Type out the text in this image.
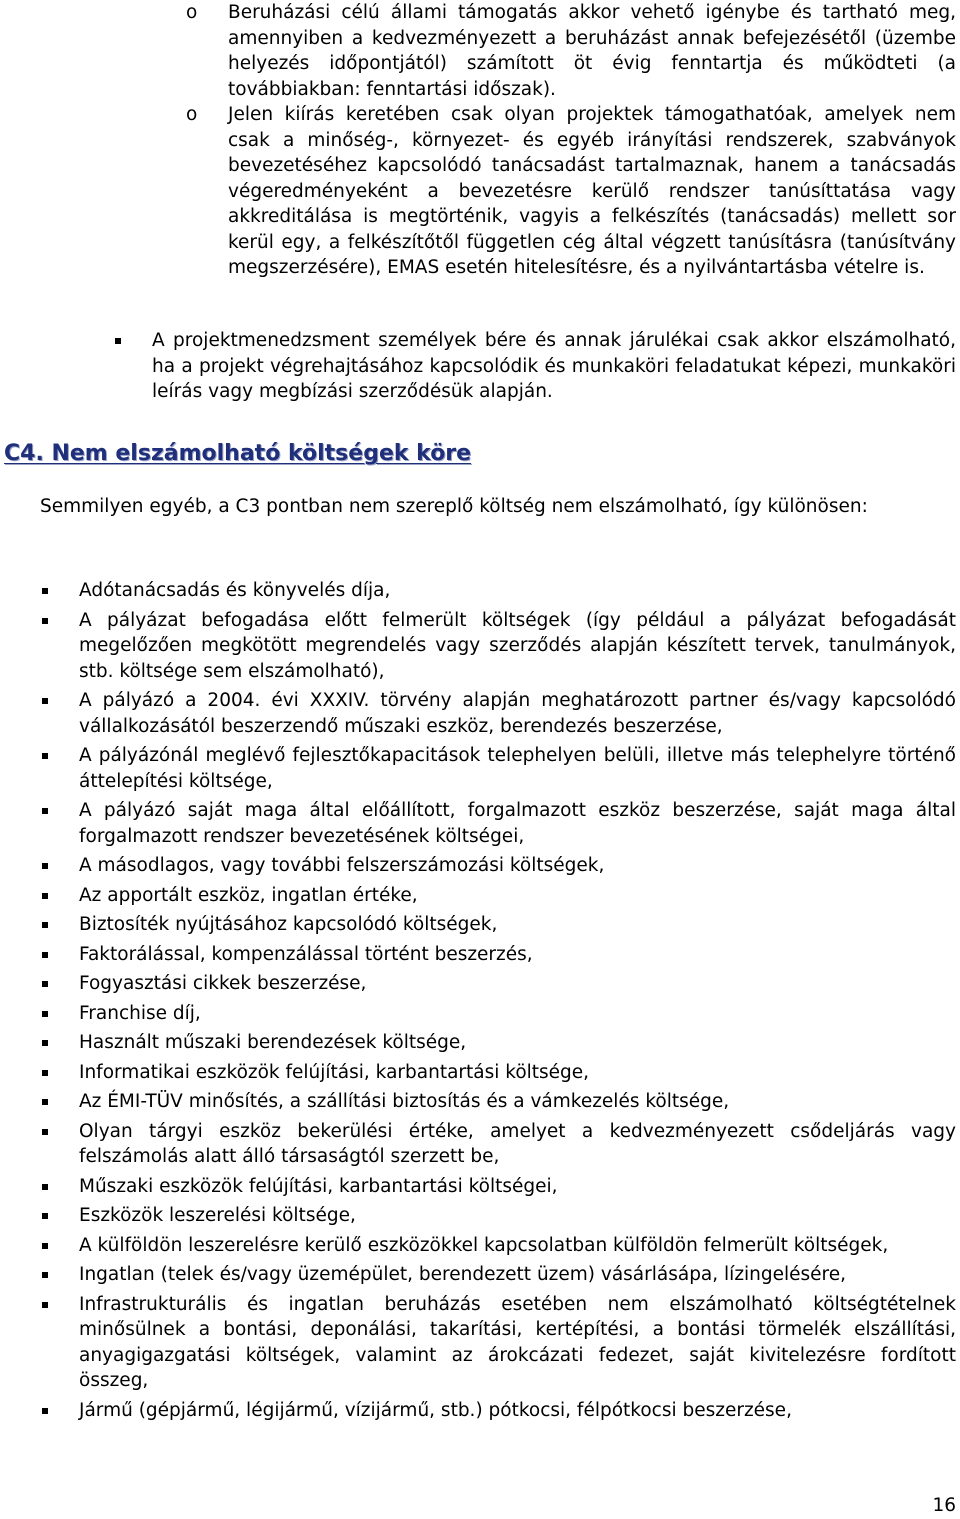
o Beruházási célú állami támogatás akkor vehető igénybe és tartható meg, amennyiben a kedvezményezett a beruházást annak befejezésétől (üzembe helyezés időpontjától) számított öt évig fenntartja és működteti (a továbbiakban: fenntartási időszak).
o Jelen kiírás keretében csak olyan projektek támogathatóak, amelyek nem csak a minőség-, környezet- és egyéb irányítási rendszerek, szabványok bevezetéséhez kapcsolódó tanácsadást tartalmaznak, hanem a tanácsadás végeredményeként a bevezetésre kerülő rendszer tanúsíttatása vagy akkreditálása is megtörténik, vagyis a felkészítés (tanácsadás) mellett sor kerül egy, a felkészítőtől független cég által végzett tanúsításra (tanúsítvány megszerzésére), EMAS esetén hitelesítésre, és a nyilvántartásba vételre is.
A projektmenedzsment személyek bére és annak járulékai csak akkor elszámolható, ha a projekt végrehajtásához kapcsolódik és munkaköri feladatukat képezi, munkaköri leírás vagy megbízási szerződésük alapján.
C4. Nem elszámolható költségek köre
Semmilyen egyéb, a C3 pontban nem szereplő költség nem elszámolható, így különösen:
Adótanácsadás és könyvelés díja,
A pályázat befogadása előtt felmerült költségek (így például a pályázat befogadását megelőzően megkötött megrendelés vagy szerződés alapján készített tervek, tanulmányok, stb. költsége sem elszámolható),
A pályázó a 2004. évi XXXIV. törvény alapján meghatározott partner és/vagy kapcsolódó vállalkozásától beszerzendő műszaki eszköz, berendezés beszerzése,
A pályázónál meglévő fejlesztőkapacitások telephelyen belüli, illetve más telephelyre történő áttelepítési költsége,
A pályázó saját maga által előállított, forgalmazott eszköz beszerzése, saját maga által forgalmazott rendszer bevezetésének költségei,
A másodlagos, vagy további felszerszámozási költségek,
Az apportált eszköz, ingatlan értéke,
Biztosíték nyújtásához kapcsolódó költségek,
Faktorálással, kompenzálással történt beszerzés,
Fogyasztási cikkek beszerzése,
Franchise díj,
Használt műszaki berendezések költsége,
Informatikai eszközök felújítási, karbantartási költsége,
Az ÉMI-TÜV minősítés, a szállítási biztosítás és a vámkezelés költsége,
Olyan tárgyi eszköz bekerülési értéke, amelyet a kedvezményezett csődeljárás vagy felszámolás alatt álló társaságtól szerzett be,
Műszaki eszközök felújítási, karbantartási költségei,
Eszközök leszerelési költsége,
A külföldön leszerelésre kerülő eszközökkel kapcsolatban külföldön felmerült költségek,
Ingatlan (telek és/vagy üzemépület, berendezett üzem) vásárlásáра, lízingelésére,
Infrastrukturális és ingatlan beruházás esetében nem elszámolható költségtételnek minősülnek a bontási, deponálási, takarítási, kertépítési, a bontási törmelék elszállítási, anyagigazgatási költségek, valamint az árokcázati fedezet, saját kivitelezésre fordított összeg,
Jármű (gépjármű, légijármű, vízijármű, stb.) pótkocsi, félpótkocsi beszerzése,
16
